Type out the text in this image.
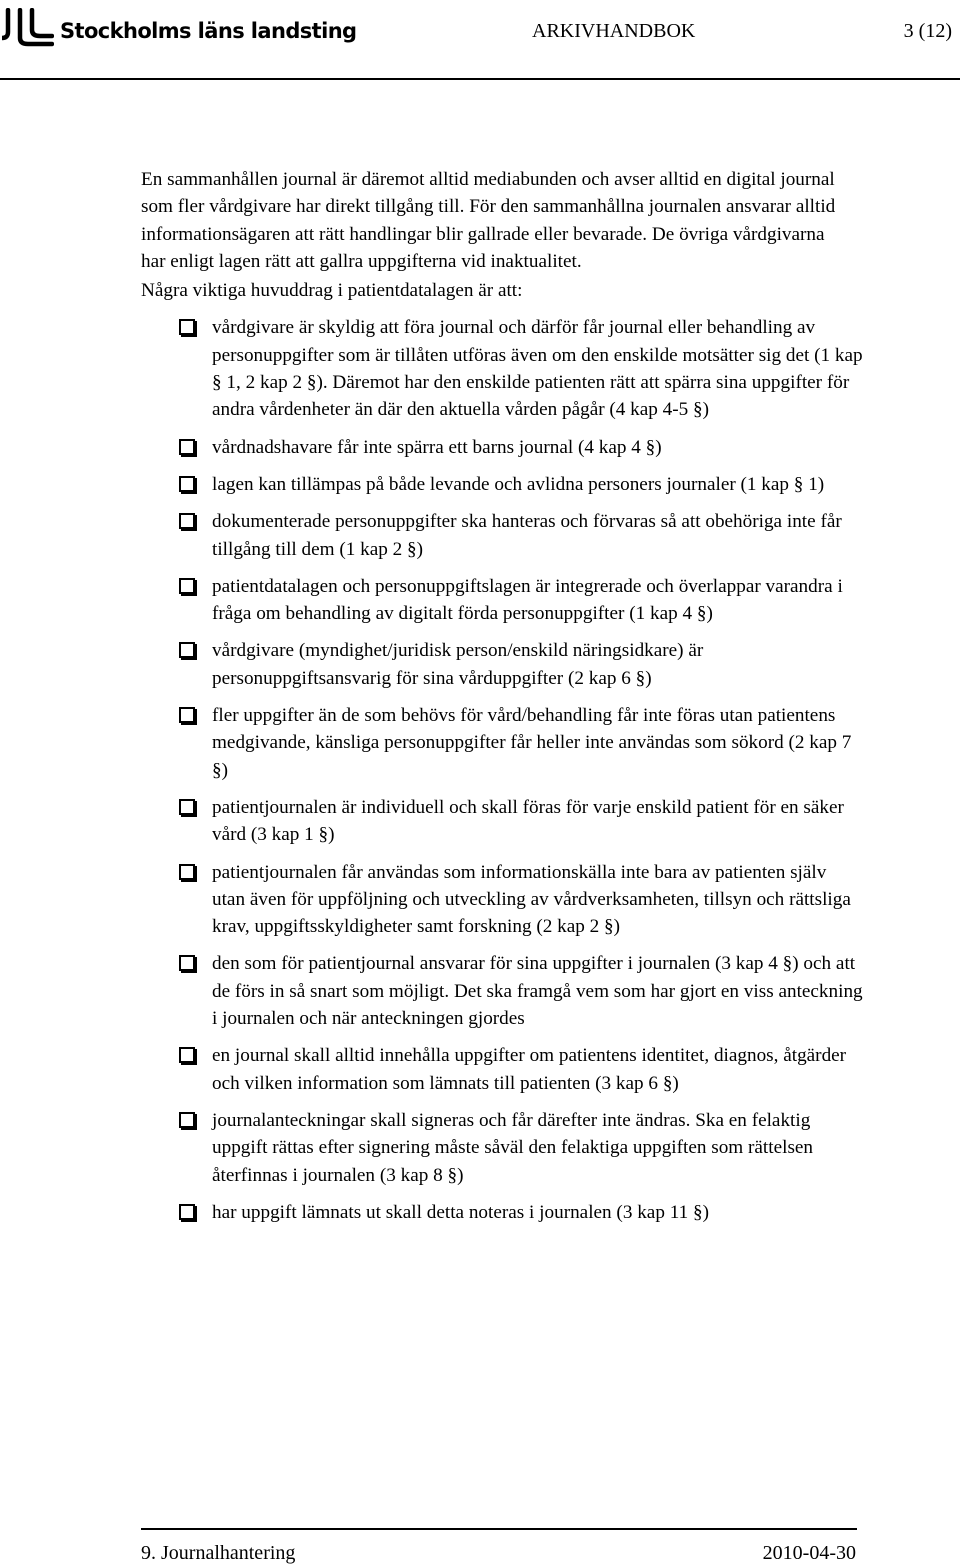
Stockholms läns landsting	ARKIVHANDBOK	3 (12)

En sammanhållen journal är däremot alltid mediabunden och avser alltid en digital journal som fler vårdgivare har direkt tillgång till. För den sammanhållna journalen ansvarar alltid informationsägaren att rätt handlingar blir gallrade eller bevarade. De övriga vårdgivarna har enligt lagen rätt att gallra uppgifterna vid inaktualitet.

Några viktiga huvuddrag i patientdatalagen är att:

vårdgivare är skyldig att föra journal och därför får journal eller behandling av personuppgifter som är tillåten utföras även om den enskilde motsätter sig det (1 kap § 1, 2 kap 2 §). Däremot har den enskilde patienten rätt att spärra sina uppgifter för andra vårdenheter än där den aktuella vården pågår (4 kap 4-5 §)
vårdnadshavare får inte spärra ett barns journal (4 kap 4 §)
lagen kan tillämpas på både levande och avlidna personers journaler (1 kap § 1)
dokumenterade personuppgifter ska hanteras och förvaras så att obehöriga inte får tillgång till dem (1 kap 2 §)
patientdatalagen och personuppgiftslagen är integrerade och överlappar varandra i fråga om behandling av digitalt förda personuppgifter (1 kap 4 §)
vårdgivare (myndighet/juridisk person/enskild näringsidkare) är personuppgiftsansvarig för sina vårduppgifter (2 kap 6 §)
fler uppgifter än de som behövs för vård/behandling får inte föras utan patientens medgivande, känsliga personuppgifter får heller inte användas som sökord (2 kap 7 §)
patientjournalen är individuell och skall föras för varje enskild patient för en säker vård (3 kap 1 §)
patientjournalen får användas som informationskälla inte bara av patienten själv utan även för uppföljning och utveckling av vårdverksamheten, tillsyn och rättsliga krav, uppgiftsskyldigheter samt forskning (2 kap 2 §)
den som för patientjournal ansvarar för sina uppgifter i journalen (3 kap 4 §) och att de förs in så snart som möjligt. Det ska framgå vem som har gjort en viss anteckning i journalen och när anteckningen gjordes
en journal skall alltid innehålla uppgifter om patientens identitet, diagnos, åtgärder och vilken information som lämnats till patienten (3 kap 6 §)
journalanteckningar skall signeras och får därefter inte ändras. Ska en felaktig uppgift rättas efter signering måste såväl den felaktiga uppgiften som rättelsen återfinnas i journalen (3 kap 8 §)
har uppgift lämnats ut skall detta noteras i journalen (3 kap 11 §)
9. Journalhantering	2010-04-30
